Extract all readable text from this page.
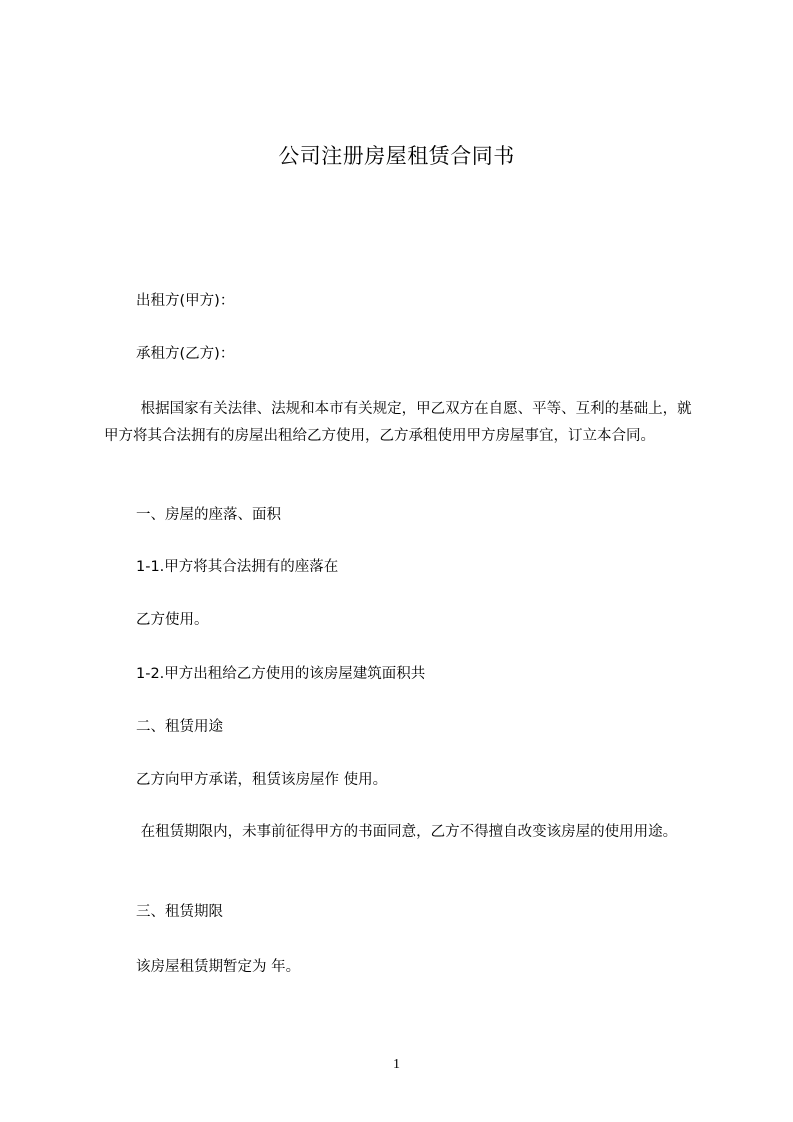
公司注册房屋租赁合同书
出租方(甲方)：
承租方(乙方)：
根据国家有关法律、法规和本市有关规定，甲乙双方在自愿、平等、互利的基础上，就甲方将其合法拥有的房屋出租给乙方使用，乙方承租使用甲方房屋事宜，订立本合同。
一、房屋的座落、面积
1-1.甲方将其合法拥有的座落在
乙方使用。
1-2.甲方出租给乙方使用的该房屋建筑面积共
二、租赁用途
乙方向甲方承诺，租赁该房屋作 使用。
在租赁期限内，未事前征得甲方的书面同意，乙方不得擅自改变该房屋的使用用途。
三、租赁期限
该房屋租赁期暂定为 年。
1
